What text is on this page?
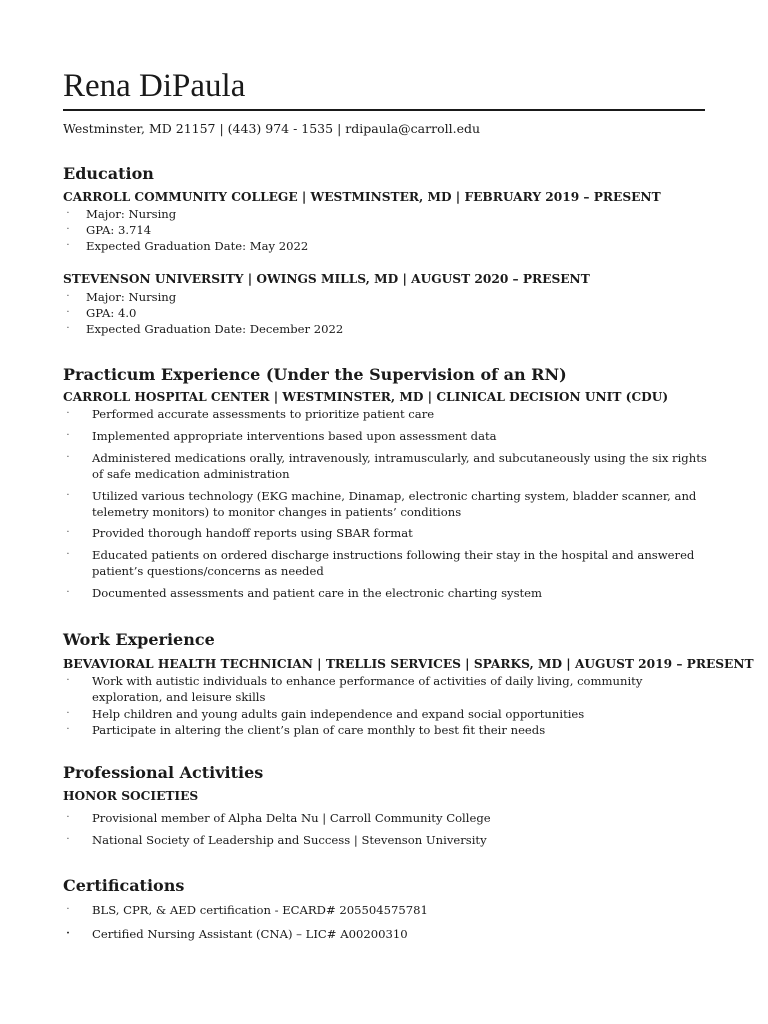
Rena DiPaula
Westminster, MD 21157 | (443) 974 - 1535 | rdipaula@carroll.edu
Education
CARROLL COMMUNITY COLLEGE | WESTMINSTER, MD | FEBRUARY 2019 – PRESENT
· Major: Nursing
· GPA: 3.714
· Expected Graduation Date: May 2022
STEVENSON UNIVERSITY | OWINGS MILLS, MD | AUGUST 2020 – PRESENT
· Major: Nursing
· GPA: 4.0
· Expected Graduation Date: December 2022
Practicum Experience (Under the Supervision of an RN)
CARROLL HOSPITAL CENTER | WESTMINSTER, MD | CLINICAL DECISION UNIT (CDU)
· Performed accurate assessments to prioritize patient care
· Implemented appropriate interventions based upon assessment data
· Administered medications orally, intravenously, intramuscularly, and subcutaneously using the six rights of safe medication administration
· Utilized various technology (EKG machine, Dinamap, electronic charting system, bladder scanner, and telemetry monitors) to monitor changes in patients’ conditions
· Provided thorough handoff reports using SBAR format
· Educated patients on ordered discharge instructions following their stay in the hospital and answered patient’s questions/concerns as needed
· Documented assessments and patient care in the electronic charting system
Work Experience
BEVAVIORAL HEALTH TECHNICIAN | TRELLIS SERVICES | SPARKS, MD | AUGUST 2019 – PRESENT
· Work with autistic individuals to enhance performance of activities of daily living, community exploration, and leisure skills
· Help children and young adults gain independence and expand social opportunities
· Participate in altering the client’s plan of care monthly to best fit their needs
Professional Activities
HONOR SOCIETIES
· Provisional member of Alpha Delta Nu | Carroll Community College
· National Society of Leadership and Success | Stevenson University
Certifications
· BLS, CPR, & AED certification - ECARD# 205504575781
· Certified Nursing Assistant (CNA) – LIC# A00200310
